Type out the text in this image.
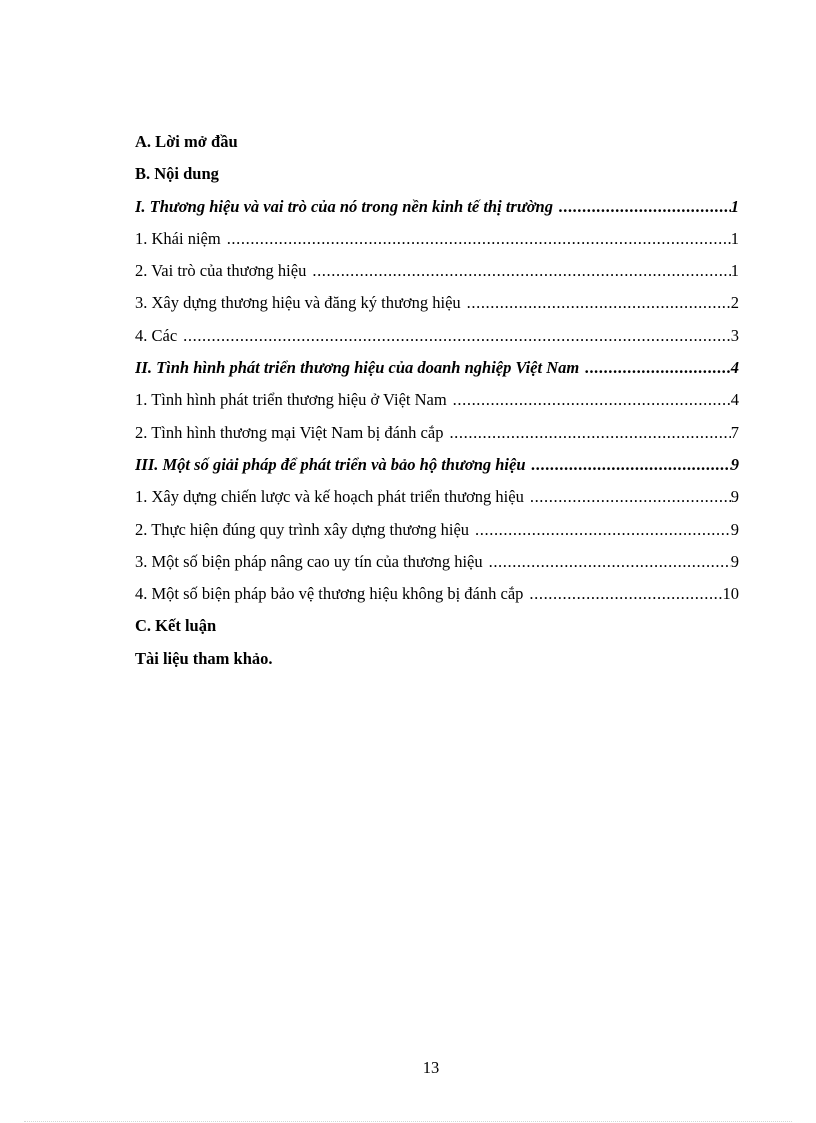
A. Lời mở đầu
B. Nội dung
I. Thương hiệu và vai trò của nó trong nền kinh tế thị trường .....	1
1. Khái niệm .....	1
2. Vai trò của thương hiệu .....	1
3. Xây dựng thương hiệu và đăng ký thương hiệu .....	2
4. Các .....	3
II. Tình hình phát triển thương hiệu của doanh nghiệp Việt Nam .....	4
1. Tình hình phát triển thương hiệu ở Việt Nam .....	4
2. Tình hình thương mại Việt Nam bị đánh cắp .....	7
III. Một số giải pháp để phát triển và bảo hộ thương hiệu .....	9
1. Xây dựng chiến lược và kế hoạch phát triển thương hiệu .....	9
2. Thực hiện đúng quy trình xây dựng thương hiệu .....	9
3. Một số biện pháp nâng cao uy tín của thương hiệu .....	9
4. Một số biện pháp bảo vệ thương hiệu không bị đánh cắp .....	10
C. Kết luận
Tài liệu tham khảo.
13
